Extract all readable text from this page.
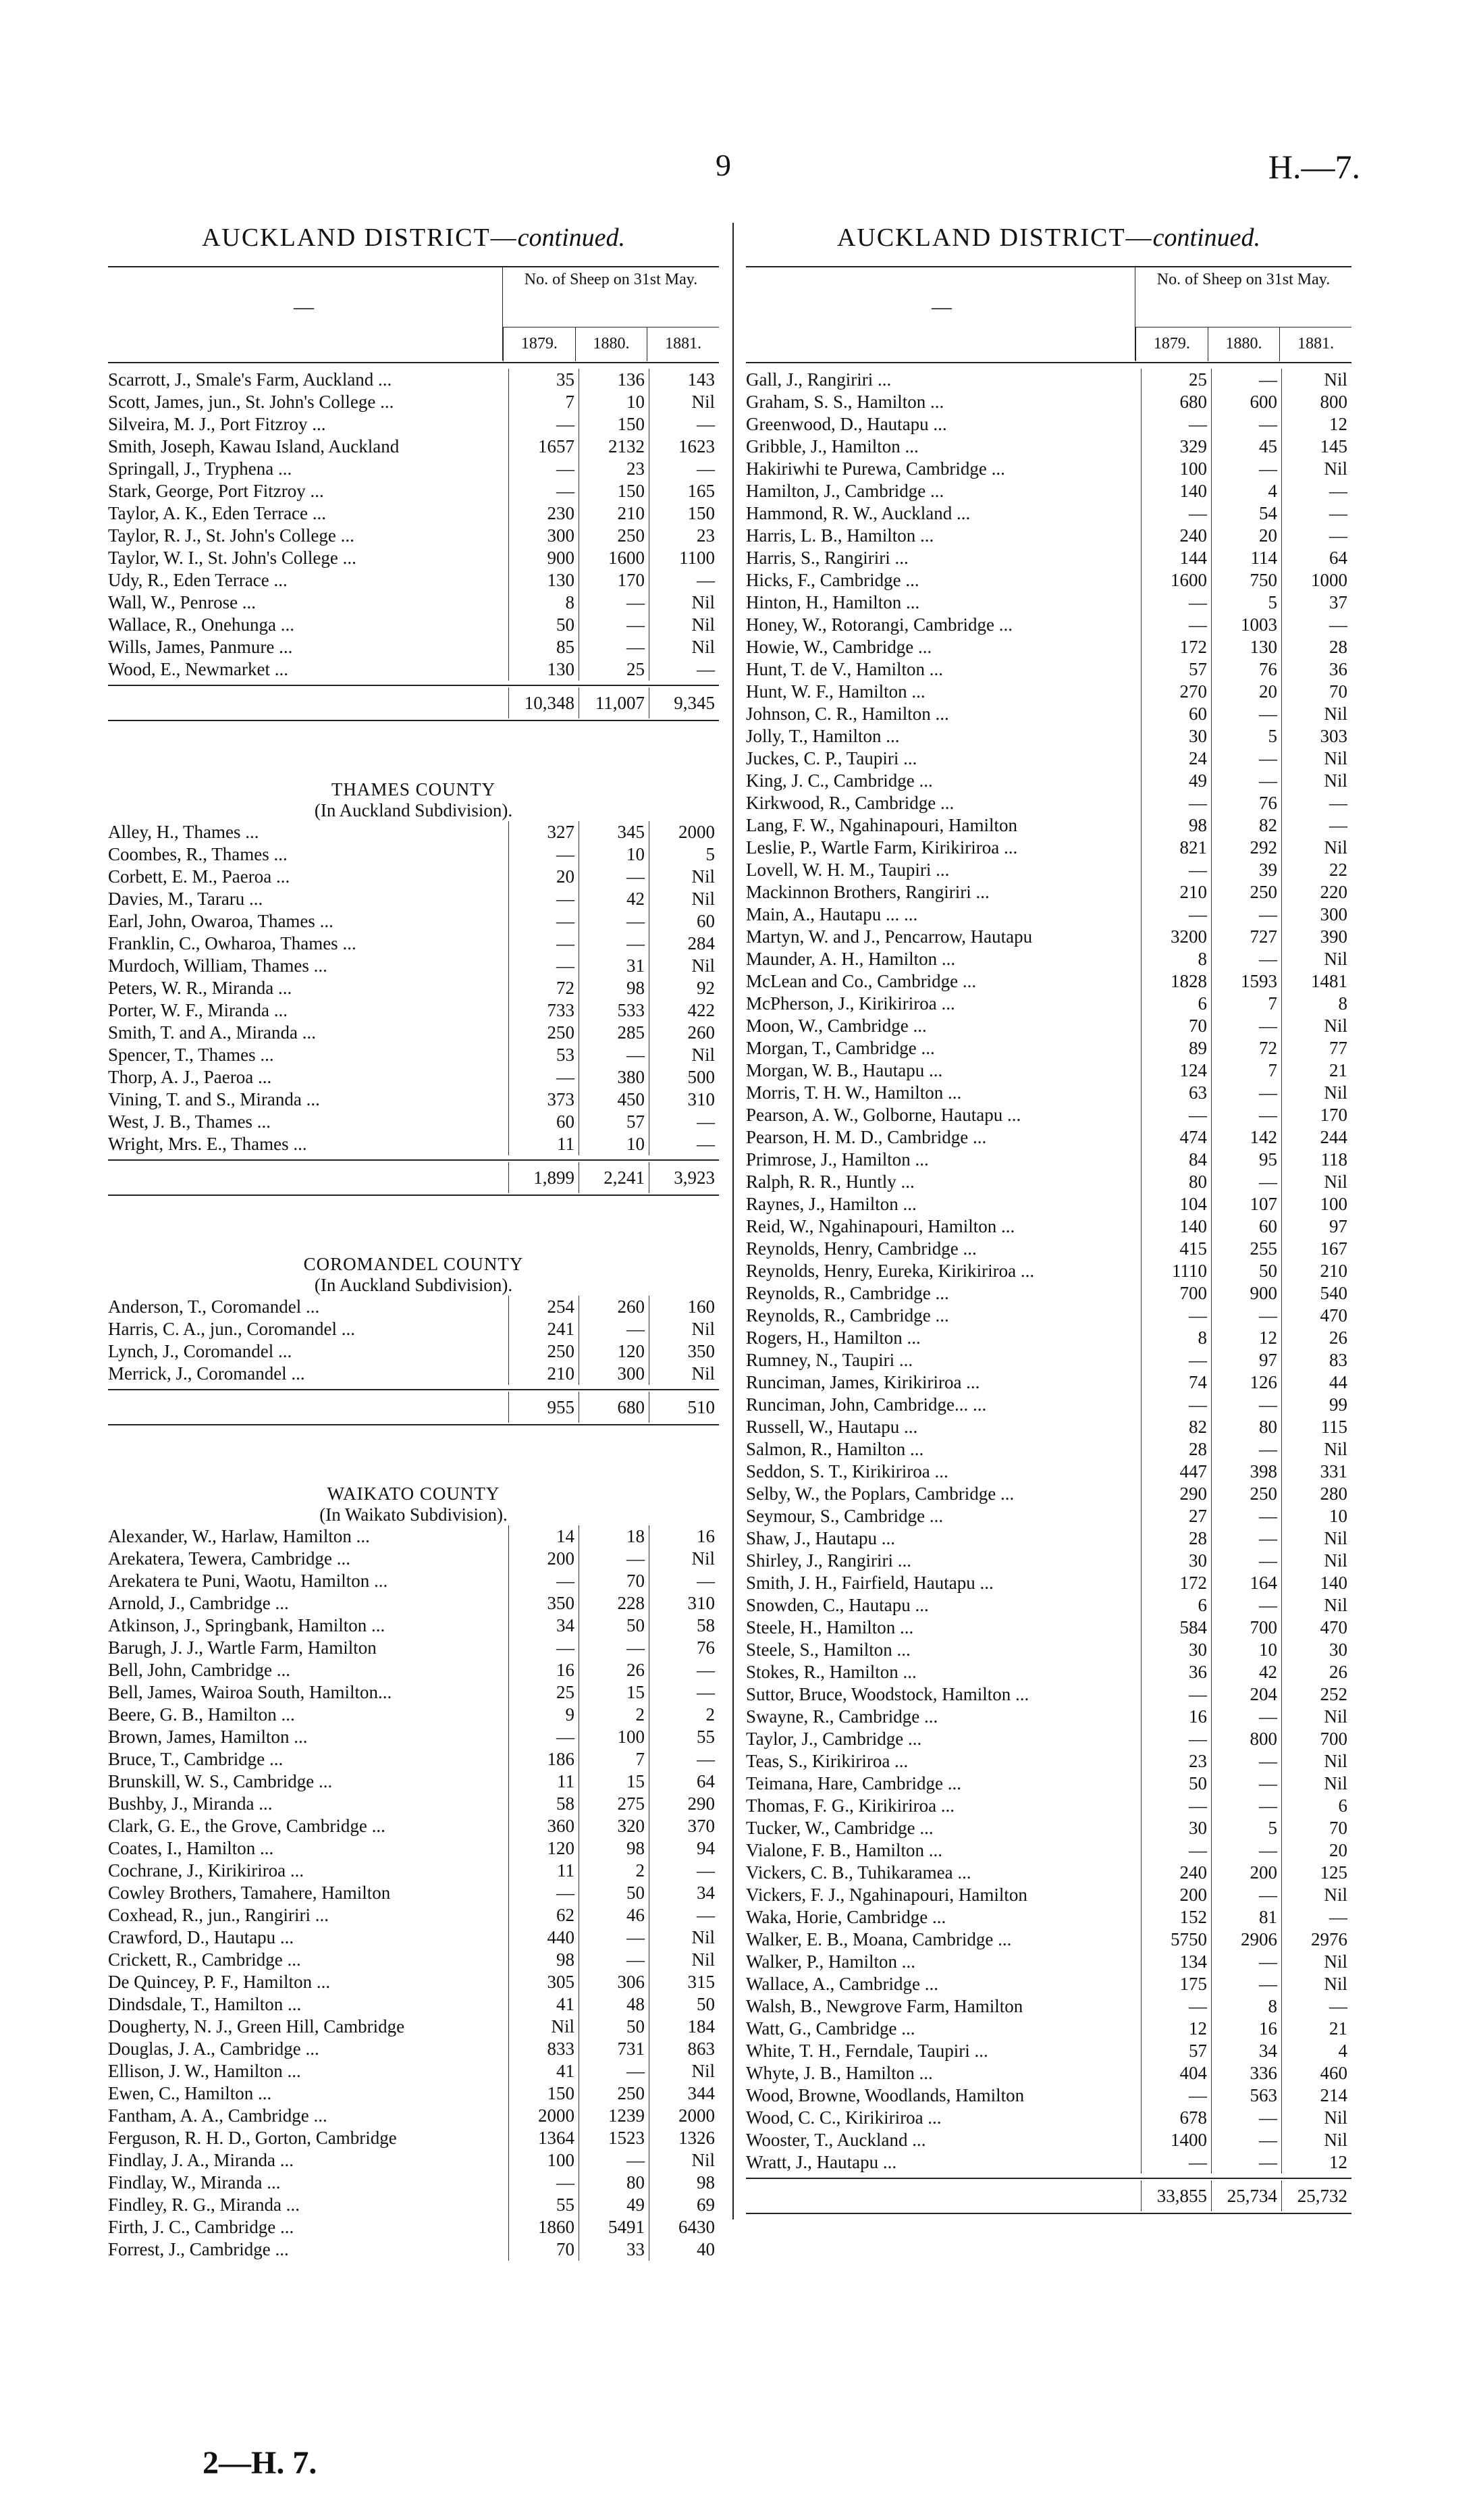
9	H.—7.
AUCKLAND DISTRICT—continued.
—
No. of Sheep on 31st May.
1879.	1880.	1881.
Scarrott, J., Smale's Farm, Auckland ...	35	136	143
Scott, James, jun., St. John's College ...	7	10	Nil
Silveira, M. J., Port Fitzroy ...	—	150	—
Smith, Joseph, Kawau Island, Auckland	1657	2132	1623
Springall, J., Tryphena ...	—	23	—
Stark, George, Port Fitzroy ...	—	150	165
Taylor, A. K., Eden Terrace ...	230	210	150
Taylor, R. J., St. John's College ...	300	250	23
Taylor, W. I., St. John's College ...	900	1600	1100
Udy, R., Eden Terrace ...	130	170	—
Wall, W., Penrose ...	8	—	Nil
Wallace, R., Onehunga ...	50	—	Nil
Wills, James, Panmure ...	85	—	Nil
Wood, E., Newmarket ...	130	25	—
10,348	11,007	9,345
THAMES COUNTY
(In Auckland Subdivision).
Alley, H., Thames ...	327	345	2000
Coombes, R., Thames ...	—	10	5
Corbett, E. M., Paeroa ...	20	—	Nil
Davies, M., Tararu ...	—	42	Nil
Earl, John, Owaroa, Thames ...	—	—	60
Franklin, C., Owharoa, Thames ...	—	—	284
Murdoch, William, Thames ...	—	31	Nil
Peters, W. R., Miranda ...	72	98	92
Porter, W. F., Miranda ...	733	533	422
Smith, T. and A., Miranda ...	250	285	260
Spencer, T., Thames ...	53	—	Nil
Thorp, A. J., Paeroa ...	—	380	500
Vining, T. and S., Miranda ...	373	450	310
West, J. B., Thames ...	60	57	—
Wright, Mrs. E., Thames ...	11	10	—
1,899	2,241	3,923
COROMANDEL COUNTY
(In Auckland Subdivision).
Anderson, T., Coromandel ...	254	260	160
Harris, C. A., jun., Coromandel ...	241	—	Nil
Lynch, J., Coromandel ...	250	120	350
Merrick, J., Coromandel ...	210	300	Nil
955	680	510
WAIKATO COUNTY
(In Waikato Subdivision).
Alexander, W., Harlaw, Hamilton ...	14	18	16
Arekatera, Tewera, Cambridge ...	200	—	Nil
Arekatera te Puni, Waotu, Hamilton ...	—	70	—
Arnold, J., Cambridge ...	350	228	310
Atkinson, J., Springbank, Hamilton ...	34	50	58
Barugh, J. J., Wartle Farm, Hamilton	—	—	76
Bell, John, Cambridge ...	16	26	—
Bell, James, Wairoa South, Hamilton...	25	15	—
Beere, G. B., Hamilton ...	9	2	2
Brown, James, Hamilton ...	—	100	55
Bruce, T., Cambridge ...	186	7	—
Brunskill, W. S., Cambridge ...	11	15	64
Bushby, J., Miranda ...	58	275	290
Clark, G. E., the Grove, Cambridge ...	360	320	370
Coates, I., Hamilton ...	120	98	94
Cochrane, J., Kirikiriroa ...	11	2	—
Cowley Brothers, Tamahere, Hamilton	—	50	34
Coxhead, R., jun., Rangiriri ...	62	46	—
Crawford, D., Hautapu ...	440	—	Nil
Crickett, R., Cambridge ...	98	—	Nil
De Quincey, P. F., Hamilton ...	305	306	315
Dindsdale, T., Hamilton ...	41	48	50
Dougherty, N. J., Green Hill, Cambridge	Nil	50	184
Douglas, J. A., Cambridge ...	833	731	863
Ellison, J. W., Hamilton ...	41	—	Nil
Ewen, C., Hamilton ...	150	250	344
Fantham, A. A., Cambridge ...	2000	1239	2000
Ferguson, R. H. D., Gorton, Cambridge	1364	1523	1326
Findlay, J. A., Miranda ...	100	—	Nil
Findlay, W., Miranda ...	—	80	98
Findley, R. G., Miranda ...	55	49	69
Firth, J. C., Cambridge ...	1860	5491	6430
Forrest, J., Cambridge ...	70	33	40
AUCKLAND DISTRICT—continued.
—
No. of Sheep on 31st May.
1879.	1880.	1881.
Gall, J., Rangiriri ...	25	—	Nil
Graham, S. S., Hamilton ...	680	600	800
Greenwood, D., Hautapu ...	—	—	12
Gribble, J., Hamilton ...	329	45	145
Hakiriwhi te Purewa, Cambridge ...	100	—	Nil
Hamilton, J., Cambridge ...	140	4	—
Hammond, R. W., Auckland ...	—	54	—
Harris, L. B., Hamilton ...	240	20	—
Harris, S., Rangiriri ...	144	114	64
Hicks, F., Cambridge ...	1600	750	1000
Hinton, H., Hamilton ...	—	5	37
Honey, W., Rotorangi, Cambridge ...	—	1003	—
Howie, W., Cambridge ...	172	130	28
Hunt, T. de V., Hamilton ...	57	76	36
Hunt, W. F., Hamilton ...	270	20	70
Johnson, C. R., Hamilton ...	60	—	Nil
Jolly, T., Hamilton ...	30	5	303
Juckes, C. P., Taupiri ...	24	—	Nil
King, J. C., Cambridge ...	49	—	Nil
Kirkwood, R., Cambridge ...	—	76	—
Lang, F. W., Ngahinapouri, Hamilton	98	82	—
Leslie, P., Wartle Farm, Kirikiriroa ...	821	292	Nil
Lovell, W. H. M., Taupiri ...	—	39	22
Mackinnon Brothers, Rangiriri ...	210	250	220
Main, A., Hautapu ... ...	—	—	300
Martyn, W. and J., Pencarrow, Hautapu	3200	727	390
Maunder, A. H., Hamilton ...	8	—	Nil
McLean and Co., Cambridge ...	1828	1593	1481
McPherson, J., Kirikiriroa ...	6	7	8
Moon, W., Cambridge ...	70	—	Nil
Morgan, T., Cambridge ...	89	72	77
Morgan, W. B., Hautapu ...	124	7	21
Morris, T. H. W., Hamilton ...	63	—	Nil
Pearson, A. W., Golborne, Hautapu ...	—	—	170
Pearson, H. M. D., Cambridge ...	474	142	244
Primrose, J., Hamilton ...	84	95	118
Ralph, R. R., Huntly ...	80	—	Nil
Raynes, J., Hamilton ...	104	107	100
Reid, W., Ngahinapouri, Hamilton ...	140	60	97
Reynolds, Henry, Cambridge ...	415	255	167
Reynolds, Henry, Eureka, Kirikiriroa ...	1110	50	210
Reynolds, R., Cambridge ...	700	900	540
Reynolds, R., Cambridge ...	—	—	470
Rogers, H., Hamilton ...	8	12	26
Rumney, N., Taupiri ...	—	97	83
Runciman, James, Kirikiriroa ...	74	126	44
Runciman, John, Cambridge... ...	—	—	99
Russell, W., Hautapu ...	82	80	115
Salmon, R., Hamilton ...	28	—	Nil
Seddon, S. T., Kirikiriroa ...	447	398	331
Selby, W., the Poplars, Cambridge ...	290	250	280
Seymour, S., Cambridge ...	27	—	10
Shaw, J., Hautapu ...	28	—	Nil
Shirley, J., Rangiriri ...	30	—	Nil
Smith, J. H., Fairfield, Hautapu ...	172	164	140
Snowden, C., Hautapu ...	6	—	Nil
Steele, H., Hamilton ...	584	700	470
Steele, S., Hamilton ...	30	10	30
Stokes, R., Hamilton ...	36	42	26
Suttor, Bruce, Woodstock, Hamilton ...	—	204	252
Swayne, R., Cambridge ...	16	—	Nil
Taylor, J., Cambridge ...	—	800	700
Teas, S., Kirikiriroa ...	23	—	Nil
Teimana, Hare, Cambridge ...	50	—	Nil
Thomas, F. G., Kirikiriroa ...	—	—	6
Tucker, W., Cambridge ...	30	5	70
Vialone, F. B., Hamilton ...	—	—	20
Vickers, C. B., Tuhikaramea ...	240	200	125
Vickers, F. J., Ngahinapouri, Hamilton	200	—	Nil
Waka, Horie, Cambridge ...	152	81	—
Walker, E. B., Moana, Cambridge ...	5750	2906	2976
Walker, P., Hamilton ...	134	—	Nil
Wallace, A., Cambridge ...	175	—	Nil
Walsh, B., Newgrove Farm, Hamilton	—	8	—
Watt, G., Cambridge ...	12	16	21
White, T. H., Ferndale, Taupiri ...	57	34	4
Whyte, J. B., Hamilton ...	404	336	460
Wood, Browne, Woodlands, Hamilton	—	563	214
Wood, C. C., Kirikiriroa ...	678	—	Nil
Wooster, T., Auckland ...	1400	—	Nil
Wratt, J., Hautapu ...	—	—	12
33,855	25,734	25,732
2—H. 7.
